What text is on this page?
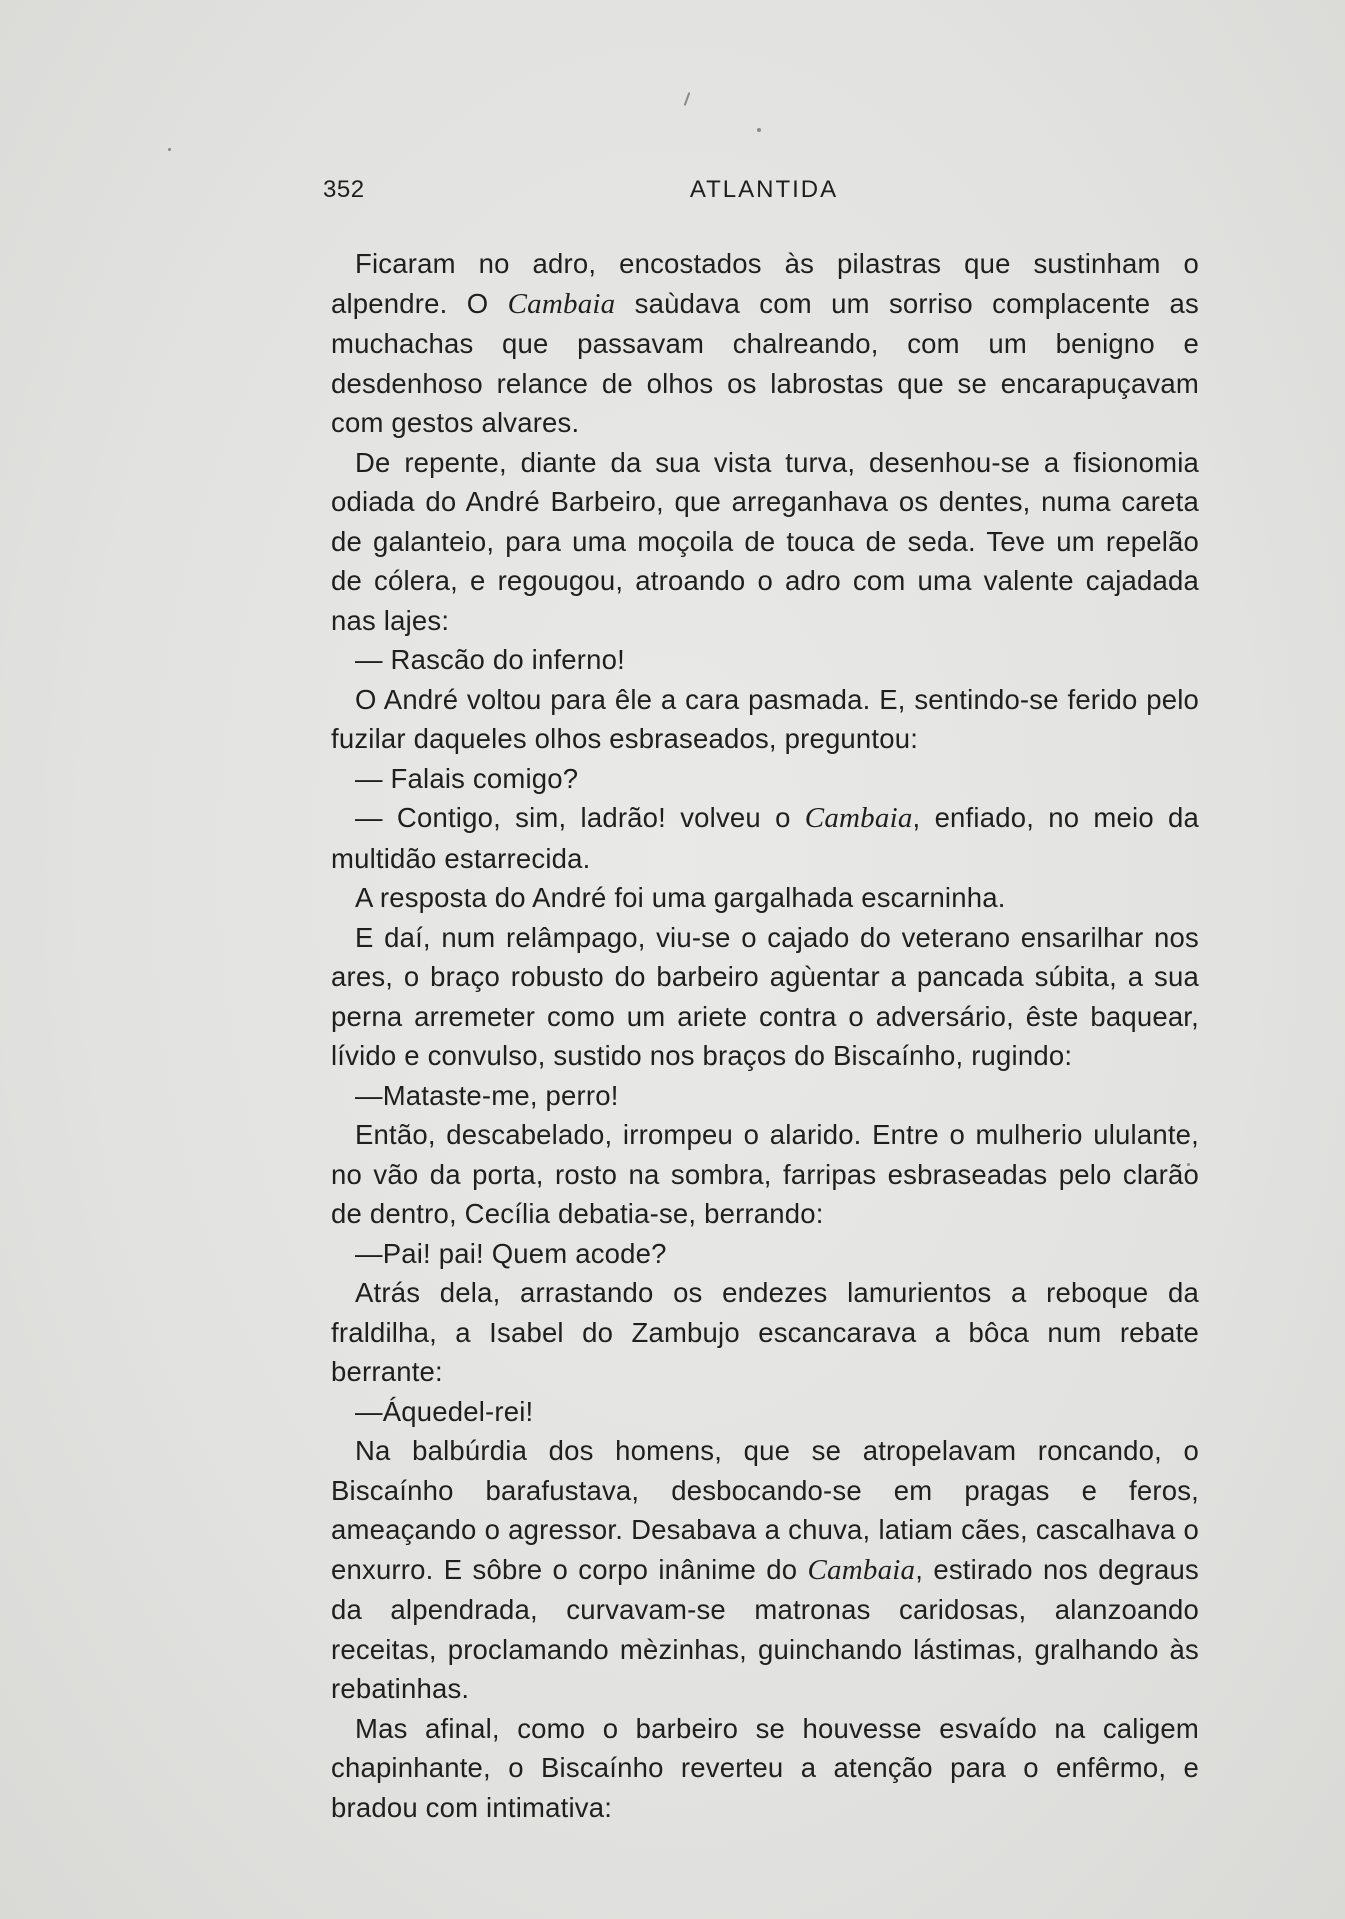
352	ATLANTIDA

Ficaram no adro, encostados às pilastras que sustinham o alpendre. O Cambaia saùdava com um sorriso complacente as muchachas que passavam chalreando, com um benigno e desdenhoso relance de olhos os labrostas que se encarapuçavam com gestos alvares.

De repente, diante da sua vista turva, desenhou-se a fisionomia odiada do André Barbeiro, que arreganhava os dentes, numa careta de galanteio, para uma moçoila de touca de seda. Teve um repelão de cólera, e regougou, atroando o adro com uma valente cajadada nas lajes:

— Rascão do inferno!

O André voltou para êle a cara pasmada. E, sentindo-se ferido pelo fuzilar daqueles olhos esbraseados, preguntou:

— Falais comigo?

— Contigo, sim, ladrão! volveu o Cambaia, enfiado, no meio da multidão estarrecida.

A resposta do André foi uma gargalhada escarninha.

E daí, num relâmpago, viu-se o cajado do veterano ensarilhar nos ares, o braço robusto do barbeiro agùentar a pancada súbita, a sua perna arremeter como um ariete contra o adversário, êste baquear, lívido e convulso, sustido nos braços do Biscaínho, rugindo:

—Mataste-me, perro!

Então, descabelado, irrompeu o alarido. Entre o mulherio ululante, no vão da porta, rosto na sombra, farripas esbraseadas pelo clarão de dentro, Cecília debatia-se, berrando:

—Pai! pai! Quem acode?

Atrás dela, arrastando os endezes lamurientos a reboque da fraldilha, a Isabel do Zambujo escancarava a bôca num rebate berrante:

—Áquedel-rei!

Na balbúrdia dos homens, que se atropelavam roncando, o Biscaínho barafustava, desbocando-se em pragas e feros, ameaçando o agressor. Desabava a chuva, latiam cães, cascalhava o enxurro. E sôbre o corpo inânime do Cambaia, estirado nos degraus da alpendrada, curvavam-se matronas caridosas, alanzoando receitas, proclamando mèzinhas, guinchando lástimas, gralhando às rebatinhas.

Mas afinal, como o barbeiro se houvesse esvaído na caligem chapinhante, o Biscaínho reverteu a atenção para o enfêrmo, e bradou com intimativa:
